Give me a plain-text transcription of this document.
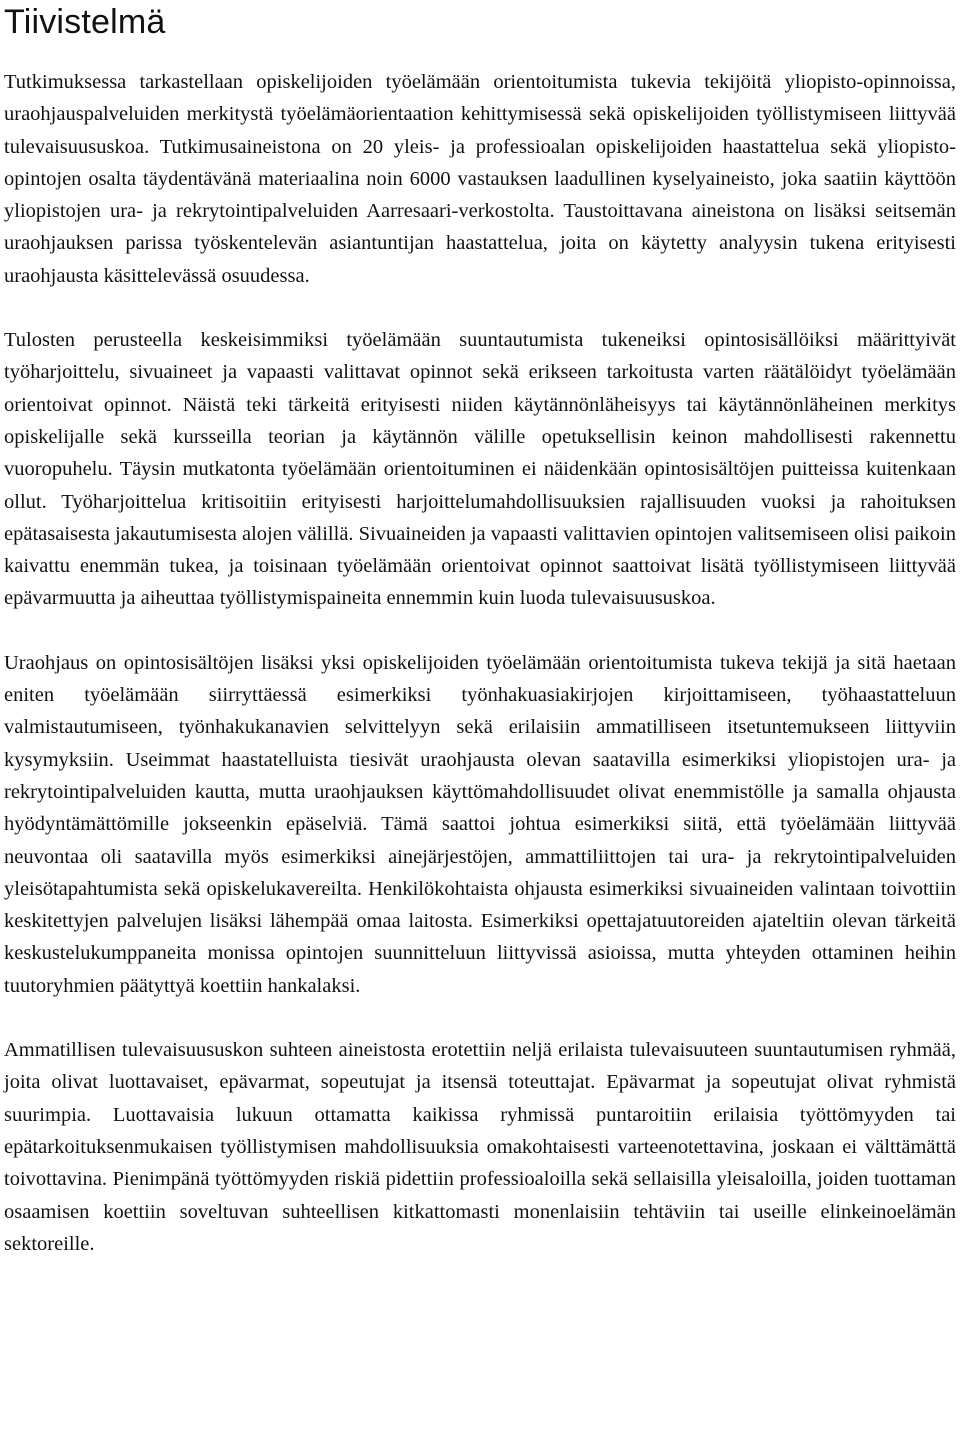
Tiivistelmä

Tutkimuksessa tarkastellaan opiskelijoiden työelämään orientoitumista tukevia tekijöitä yliopisto-opinnoissa, uraohjauspalveluiden merkitystä työelämäorientaation kehittymisessä sekä opiskelijoiden työllistymiseen liittyvää tulevaisuususkoa. Tutkimusaineistona on 20 yleis- ja professioalan opiskelijoiden haastattelua sekä yliopisto-opintojen osalta täydentävänä materiaalina noin 6000 vastauksen laadullinen kyselyaineisto, joka saatiin käyttöön yliopistojen ura- ja rekrytointipalveluiden Aarresaari-verkostolta. Taustoittavana aineistona on lisäksi seitsemän uraohjauksen parissa työskentelevän asiantuntijan haastattelua, joita on käytetty analyysin tukena erityisesti uraohjausta käsittelevässä osuudessa.

Tulosten perusteella keskeisimmiksi työelämään suuntautumista tukeneiksi opintosisällöiksi määrittyivät työharjoittelu, sivuaineet ja vapaasti valittavat opinnot sekä erikseen tarkoitusta varten räätälöidyt työelämään orientoivat opinnot. Näistä teki tärkeitä erityisesti niiden käytännönläheisyys tai käytännönläheinen merkitys opiskelijalle sekä kursseilla teorian ja käytännön välille opetuksellisin keinon mahdollisesti rakennettu vuoropuhelu. Täysin mutkatonta työelämään orientoituminen ei näidenkään opintosisältöjen puitteissa kuitenkaan ollut. Työharjoittelua kritisoitiin erityisesti harjoittelumahdollisuuksien rajallisuuden vuoksi ja rahoituksen epätasaisesta jakautumisesta alojen välillä. Sivuaineiden ja vapaasti valittavien opintojen valitsemiseen olisi paikoin kaivattu enemmän tukea, ja toisinaan työelämään orientoivat opinnot saattoivat lisätä työllistymiseen liittyvää epävarmuutta ja aiheuttaa työllistymispaineita ennemmin kuin luoda tulevaisuususkoa.

Uraohjaus on opintosisältöjen lisäksi yksi opiskelijoiden työelämään orientoitumista tukeva tekijä ja sitä haetaan eniten työelämään siirryttäessä esimerkiksi työnhakuasiakirjojen kirjoittamiseen, työhaastatteluun valmistautumiseen, työnhakukanavien selvittelyyn sekä erilaisiin ammatilliseen itsetuntemukseen liittyviin kysymyksiin. Useimmat haastatelluista tiesivät uraohjausta olevan saatavilla esimerkiksi yliopistojen ura- ja rekrytointipalveluiden kautta, mutta uraohjauksen käyttömahdollisuudet olivat enemmistölle ja samalla ohjausta hyödyntämättömille jokseenkin epäselviä. Tämä saattoi johtua esimerkiksi siitä, että työelämään liittyvää neuvontaa oli saatavilla myös esimerkiksi ainejärjestöjen, ammattiliittojen tai ura- ja rekrytointipalveluiden yleisötapahtumista sekä opiskelukavereilta. Henkilökohtaista ohjausta esimerkiksi sivuaineiden valintaan toivottiin keskitettyjen palvelujen lisäksi lähempää omaa laitosta. Esimerkiksi opettajatuutoreiden ajateltiin olevan tärkeitä keskustelukumppaneita monissa opintojen suunnitteluun liittyvissä asioissa, mutta yhteyden ottaminen heihin tuutoryhmien päätyttyä koettiin hankalaksi.

Ammatillisen tulevaisuususkon suhteen aineistosta erotettiin neljä erilaista tulevaisuuteen suuntautumisen ryhmää, joita olivat luottavaiset, epävarmat, sopeutujat ja itsensä toteuttajat. Epävarmat ja sopeutujat olivat ryhmistä suurimpia. Luottavaisia lukuun ottamatta kaikissa ryhmissä puntaroitiin erilaisia työttömyyden tai epätarkoituksenmukaisen työllistymisen mahdollisuuksia omakohtaisesti varteenotettavina, joskaan ei välttämättä toivottavina. Pienimpänä työttömyyden riskiä pidettiin professioaloilla sekä sellaisilla yleisaloilla, joiden tuottaman osaamisen koettiin soveltuvan suhteellisen kitkattomasti monenlaisiin tehtäviin tai useille elinkeinoelämän sektoreille.
